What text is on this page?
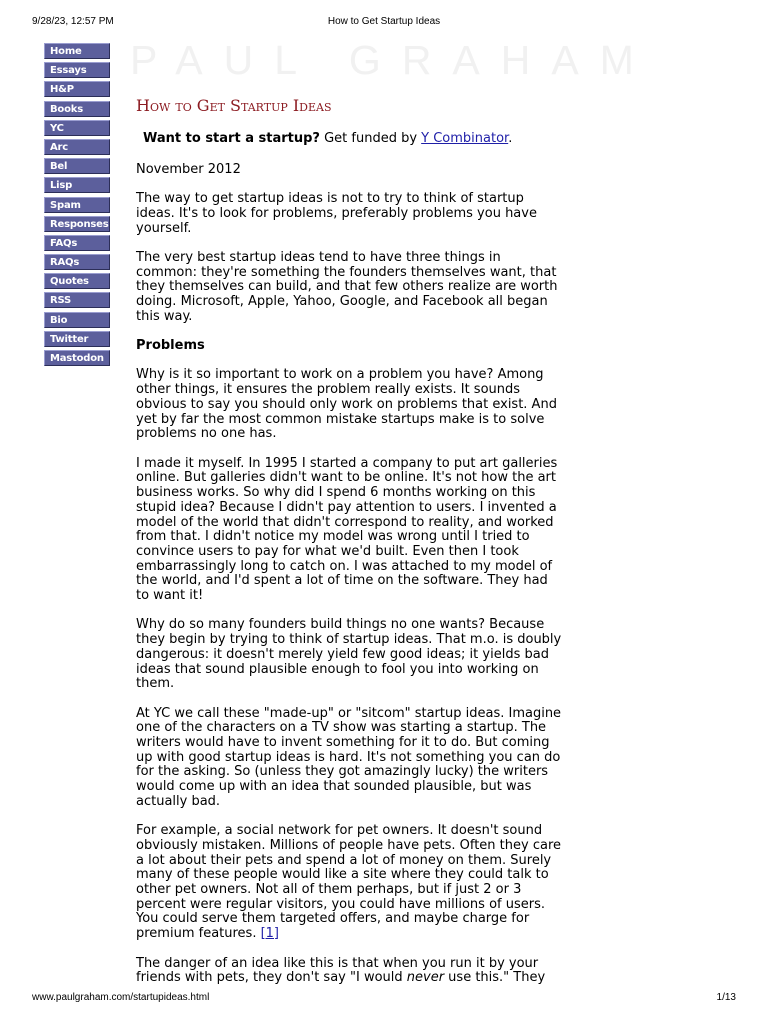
9/28/23, 12:57 PM	How to Get Startup Ideas
PAUL GRAHAM
Home
Essays
H&P
Books
YC
Arc
Bel
Lisp
Spam
Responses
FAQs
RAQs
Quotes
RSS
Bio
Twitter
Mastodon
How to Get Startup Ideas
Want to start a startup? Get funded by Y Combinator.

November 2012

The way to get startup ideas is not to try to think of startup ideas. It's to look for problems, preferably problems you have yourself.

The very best startup ideas tend to have three things in common: they're something the founders themselves want, that they themselves can build, and that few others realize are worth doing. Microsoft, Apple, Yahoo, Google, and Facebook all began this way.

Problems

Why is it so important to work on a problem you have? Among other things, it ensures the problem really exists. It sounds obvious to say you should only work on problems that exist. And yet by far the most common mistake startups make is to solve problems no one has.

I made it myself. In 1995 I started a company to put art galleries online. But galleries didn't want to be online. It's not how the art business works. So why did I spend 6 months working on this stupid idea? Because I didn't pay attention to users. I invented a model of the world that didn't correspond to reality, and worked from that. I didn't notice my model was wrong until I tried to convince users to pay for what we'd built. Even then I took embarrassingly long to catch on. I was attached to my model of the world, and I'd spent a lot of time on the software. They had to want it!

Why do so many founders build things no one wants? Because they begin by trying to think of startup ideas. That m.o. is doubly dangerous: it doesn't merely yield few good ideas; it yields bad ideas that sound plausible enough to fool you into working on them.

At YC we call these "made-up" or "sitcom" startup ideas. Imagine one of the characters on a TV show was starting a startup. The writers would have to invent something for it to do. But coming up with good startup ideas is hard. It's not something you can do for the asking. So (unless they got amazingly lucky) the writers would come up with an idea that sounded plausible, but was actually bad.

For example, a social network for pet owners. It doesn't sound obviously mistaken. Millions of people have pets. Often they care a lot about their pets and spend a lot of money on them. Surely many of these people would like a site where they could talk to other pet owners. Not all of them perhaps, but if just 2 or 3 percent were regular visitors, you could have millions of users. You could serve them targeted offers, and maybe charge for premium features. [1]

The danger of an idea like this is that when you run it by your friends with pets, they don't say "I would never use this." They

www.paulgraham.com/startupideas.html	1/13
